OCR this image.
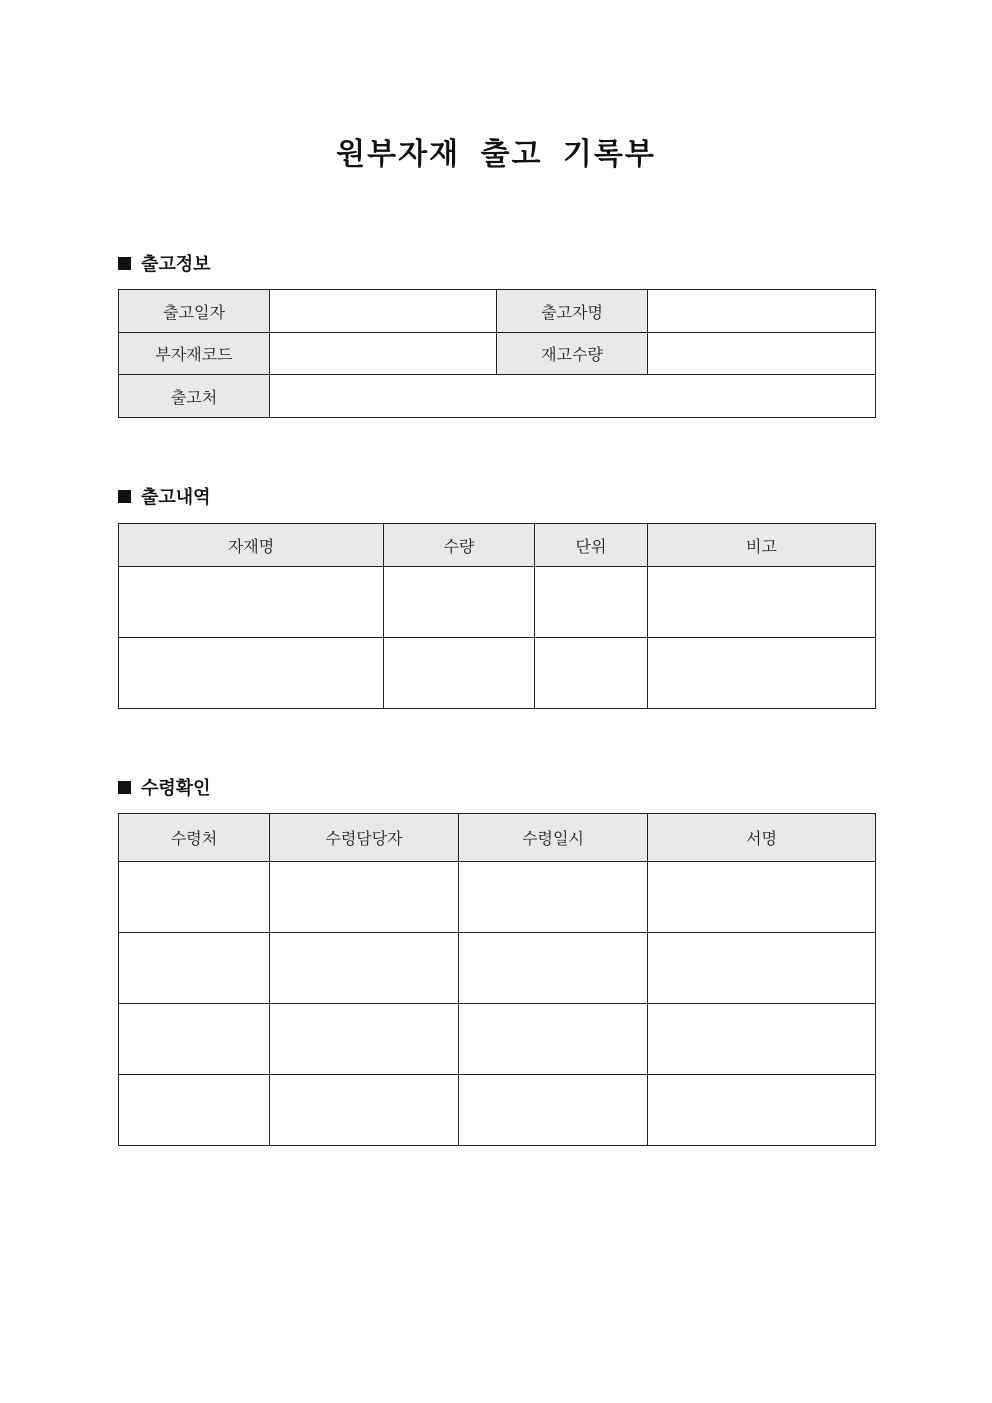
원부자재 출고 기록부
출고정보
출고일자		출고자명	
부자재코드		재고수량	
출고처			
출고내역
자재명	수량	단위	비고

수령확인
수령처	수령담당자	수령일시	서명
